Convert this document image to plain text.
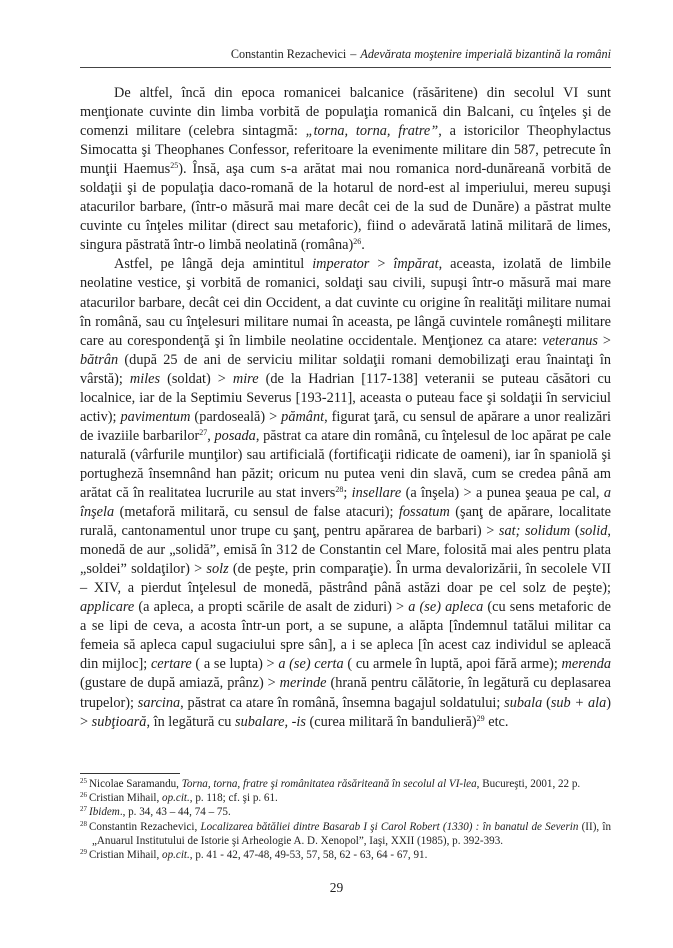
Constantin Rezachevici – Adevărata moştenire imperială bizantină la români

De altfel, încă din epoca romanicei balcanice (răsăritene) din secolul VI sunt menţionate cuvinte din limba vorbită de populaţia romanică din Balcani, cu înţeles şi de comenzi militare (celebra sintagmă: „torna, torna, fratre”, a istoricilor Theophylactus Simocatta şi Theophanes Confessor, referitoare la evenimente militare din 587, petrecute în munţii Haemus$^{25}$). Însă, aşa cum s-a arătat mai nou romanica nord-dunăreană vorbită de soldaţii şi de populaţia daco-romană de la hotarul de nord-est al imperiului, mereu supuşi atacurilor barbare, (într-o măsură mai mare decât cei de la sud de Dunăre) a păstrat multe cuvinte cu înţeles militar (direct sau metaforic), fiind o adevărată latină militară de limes, singura păstrată într-o limbă neolatină (româna)$^{26}$.

Astfel, pe lângă deja amintitul imperator > împărat, aceasta, izolată de limbile neolatine vestice, şi vorbită de romanici, soldaţi sau civili, supuşi într-o măsură mai mare atacurilor barbare, decât cei din Occident, a dat cuvinte cu origine în realităţi militare numai în română, sau cu înţelesuri militare numai în aceasta, pe lângă cuvintele româneşti militare care au corespondenţă şi în limbile neolatine occidentale. Menţionez ca atare: veteranus > bătrân (după 25 de ani de serviciu militar soldaţii romani demobilizaţi erau înaintaţi în vârstă); miles (soldat) > mire (de la Hadrian [117-138] veteranii se puteau căsători cu localnice, iar de la Septimiu Severus [193-211], aceasta o puteau face şi soldaţii în serviciul activ); pavimentum (pardoseală) > pământ, figurat ţară, cu sensul de apărare a unor realizări de ivaziile barbarilor$^{27}$, posada, păstrat ca atare din română, cu înţelesul de loc apărat pe cale naturală (vârfurile munţilor) sau artificială (fortificaţii ridicate de oameni), iar în spaniolă şi portugheză însemnând han păzit; oricum nu putea veni din slavă, cum se credea până am arătat că în realitatea lucrurile au stat invers$^{28}$; insellare (a înşela) > a punea şeaua pe cal, a înşela (metaforă militară, cu sensul de false atacuri); fossatum (şanţ de apărare, localitate rurală, cantonamentul unor trupe cu şanţ, pentru apărarea de barbari) > sat; solidum (solid, monedă de aur „solidă”, emisă în 312 de Constantin cel Mare, folosită mai ales pentru plata „soldei” soldaţilor) > solz (de peşte, prin comparaţie). În urma devalorizării, în secolele VII – XIV, a pierdut înţelesul de monedă, păstrând până astăzi doar pe cel solz de peşte); applicare (a apleca, a propti scările de asalt de ziduri) > a (se) apleca (cu sens metaforic de a se lipi de ceva, a acosta într-un port, a se supune, a alăpta [îndemnul tatălui militar ca femeia să apleca capul sugaciului spre sân], a i se apleca [în acest caz individul se apleacă din mijloc]; certare ( a se lupta) > a (se) certa ( cu armele în luptă, apoi fără arme); merenda (gustare de după amiază, prânz) > merinde (hrană pentru călătorie, în legătură cu deplasarea trupelor); sarcina, păstrat ca atare în română, însemna bagajul soldatului; subala (sub + ala) > subţioară, în legătură cu subalare, -is (curea militară în bandulieră)$^{29}$ etc.

$^{25}$ Nicolae Saramandu, Torna, torna, fratre şi românitatea răsăriteană în secolul al VI-lea, Bucureşti, 2001, 22 p.
$^{26}$ Cristian Mihail, op.cit., p. 118; cf. şi p. 61.
$^{27}$ Ibidem., p. 34, 43 – 44, 74 – 75.
$^{28}$ Constantin Rezachevici, Localizarea bătăliei dintre Basarab I şi Carol Robert (1330) : în banatul de Severin (II), în „Anuarul Institutului de Istorie şi Arheologie A. D. Xenopol”, Iaşi, XXII (1985), p. 392-393.
$^{29}$ Cristian Mihail, op.cit., p. 41 - 42, 47-48, 49-53, 57, 58, 62 - 63, 64 - 67, 91.
29
